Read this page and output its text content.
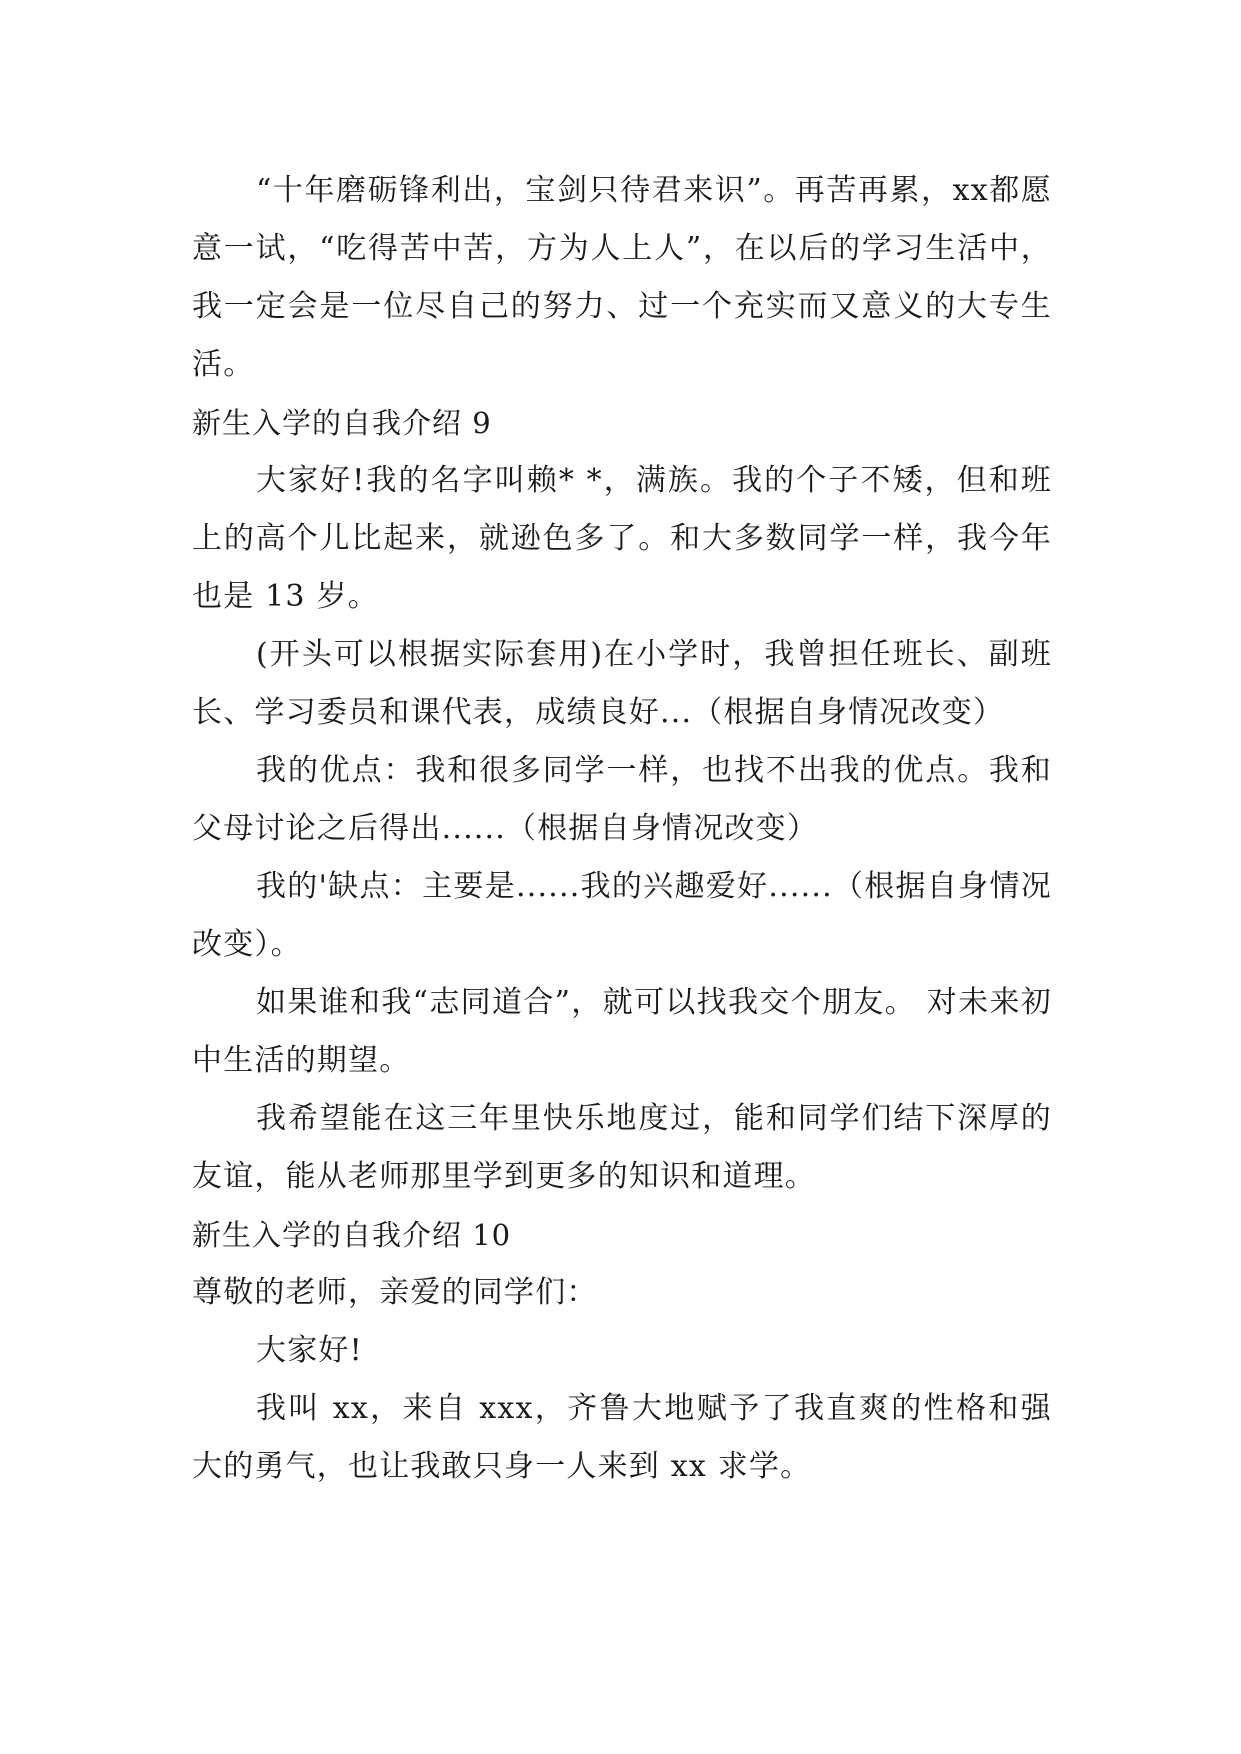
“十年磨砺锋利出，宝剑只待君来识”。再苦再累，xx都愿意一试，“吃得苦中苦，方为人上人”，在以后的学习生活中，我一定会是一位尽自己的努力、过一个充实而又意义的大专生活。

新生入学的自我介绍 9

大家好!我的名字叫赖* *，满族。我的个子不矮，但和班上的高个儿比起来，就逊色多了。和大多数同学一样，我今年也是 13 岁。

(开头可以根据实际套用)在小学时，我曾担任班长、副班长、学习委员和课代表，成绩良好...（根据自身情况改变）

我的优点：我和很多同学一样，也找不出我的优点。我和父母讨论之后得出......（根据自身情况改变）

我的'缺点：主要是......我的兴趣爱好......（根据自身情况改变）。

如果谁和我“志同道合”，就可以找我交个朋友。 对未来初中生活的期望。

我希望能在这三年里快乐地度过，能和同学们结下深厚的友谊，能从老师那里学到更多的知识和道理。

新生入学的自我介绍 10

尊敬的老师，亲爱的同学们：

大家好!

我叫 xx，来自 xxx，齐鲁大地赋予了我直爽的性格和强大的勇气，也让我敢只身一人来到 xx 求学。
